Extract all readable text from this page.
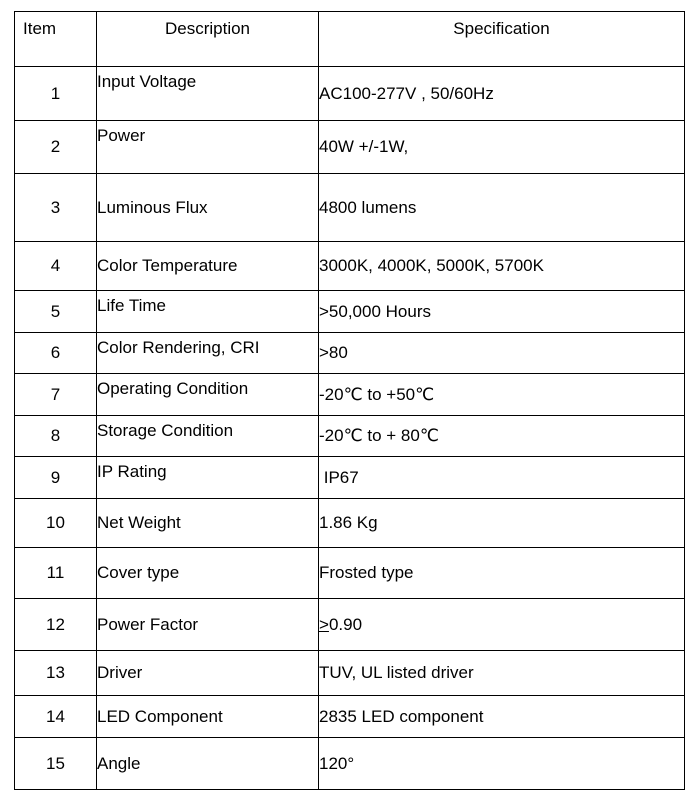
Item	Description	Specification
1	Input Voltage	AC100-277V , 50/60Hz
2	Power	40W +/-1W,
3	Luminous Flux	4800 lumens
4	Color Temperature	3000K, 4000K, 5000K, 5700K
5	Life Time	>50,000 Hours
6	Color Rendering, CRI	>80
7	Operating Condition	-20℃ to +50℃
8	Storage Condition	-20℃ to + 80℃
9	IP Rating	IP67
10	Net Weight	1.86 Kg
11	Cover type	Frosted type
12	Power Factor	≥0.90
13	Driver	TUV, UL listed driver
14	LED Component	2835 LED component
15	Angle	120°
